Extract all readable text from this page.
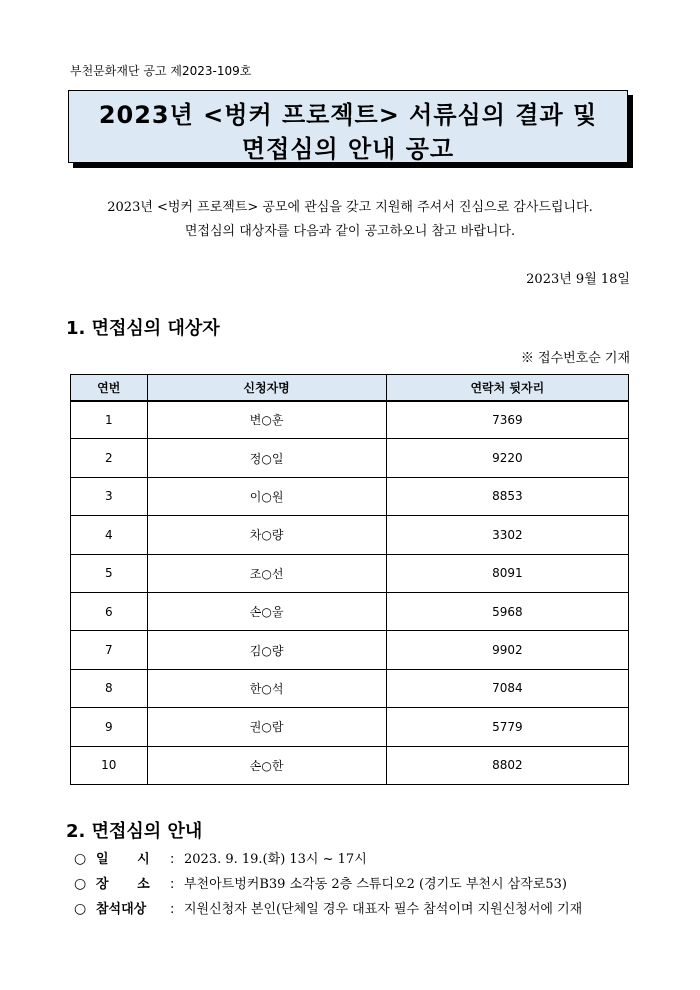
부천문화재단 공고 제2023-109호
2023년 <벙커 프로젝트> 서류심의 결과 및
면접심의 안내 공고
2023년 <벙커 프로젝트> 공모에 관심을 갖고 지원해 주셔서 진심으로 감사드립니다.
면접심의 대상자를 다음과 같이 공고하오니 참고 바랍니다.
2023년 9월 18일
1. 면접심의 대상자
※ 접수번호순 기재
연번	신청자명	연락처 뒷자리
1	변○훈	7369
2	정○일	9220
3	이○원	8853
4	차○량	3302
5	조○선	8091
6	손○울	5968
7	김○량	9902
8	한○석	7084
9	권○람	5779
10	손○한	8802
2. 면접심의 안내
○ 일 시 : 2023. 9. 19.(화) 13시 ~ 17시
○ 장 소 : 부천아트벙커B39 소각동 2층 스튜디오2 (경기도 부천시 삼작로53)
○ 참석대상 : 지원신청자 본인(단체일 경우 대표자 필수 참석이며 지원신청서에 기재
